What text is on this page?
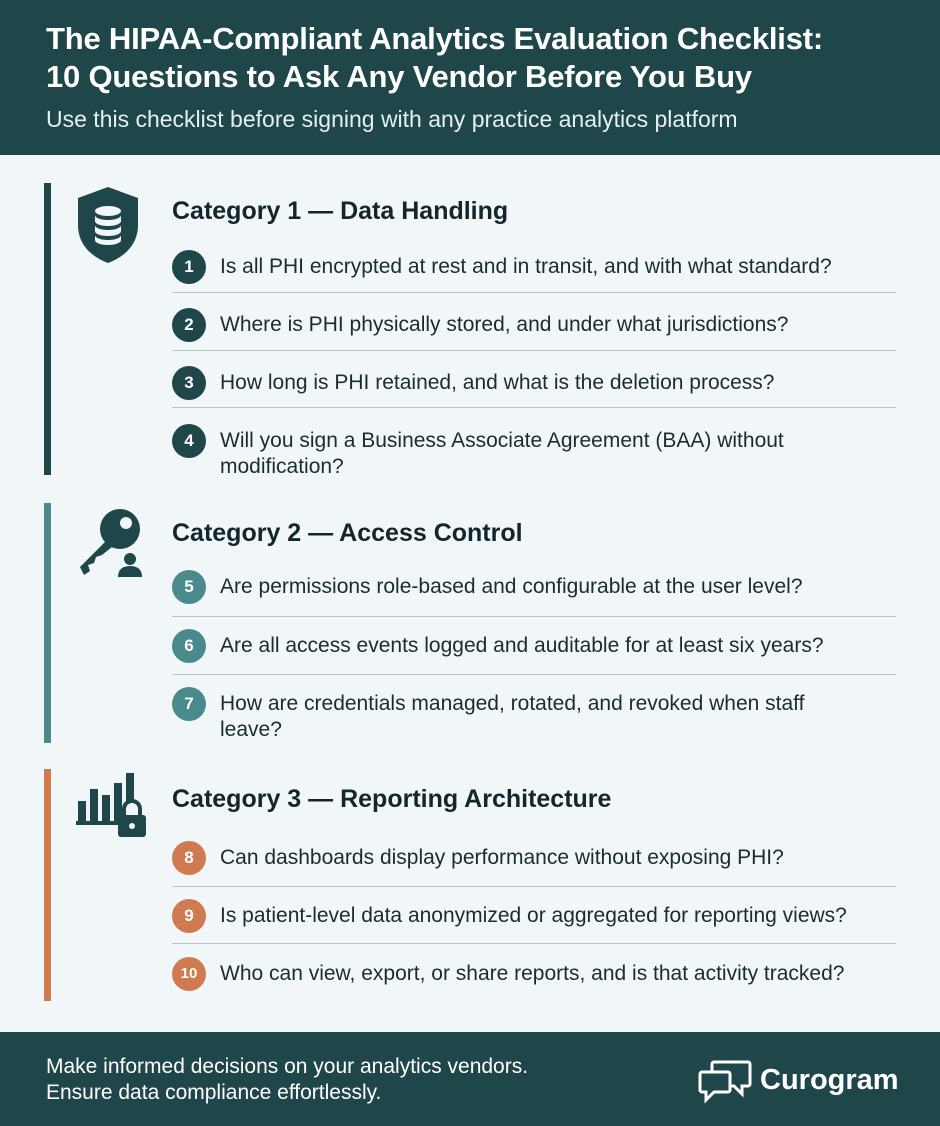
The HIPAA-Compliant Analytics Evaluation Checklist:
10 Questions to Ask Any Vendor Before You Buy
Use this checklist before signing with any practice analytics platform
Category 1 — Data Handling
1	Is all PHI encrypted at rest and in transit, and with what standard?
2	Where is PHI physically stored, and under what jurisdictions?
3	How long is PHI retained, and what is the deletion process?
4	Will you sign a Business Associate Agreement (BAA) without modification?
Category 2 — Access Control
5	Are permissions role-based and configurable at the user level?
6	Are all access events logged and auditable for at least six years?
7	How are credentials managed, rotated, and revoked when staff leave?
Category 3 — Reporting Architecture
8	Can dashboards display performance without exposing PHI?
9	Is patient-level data anonymized or aggregated for reporting views?
10	Who can view, export, or share reports, and is that activity tracked?
Make informed decisions on your analytics vendors. Ensure data compliance effortlessly.	Curogram
